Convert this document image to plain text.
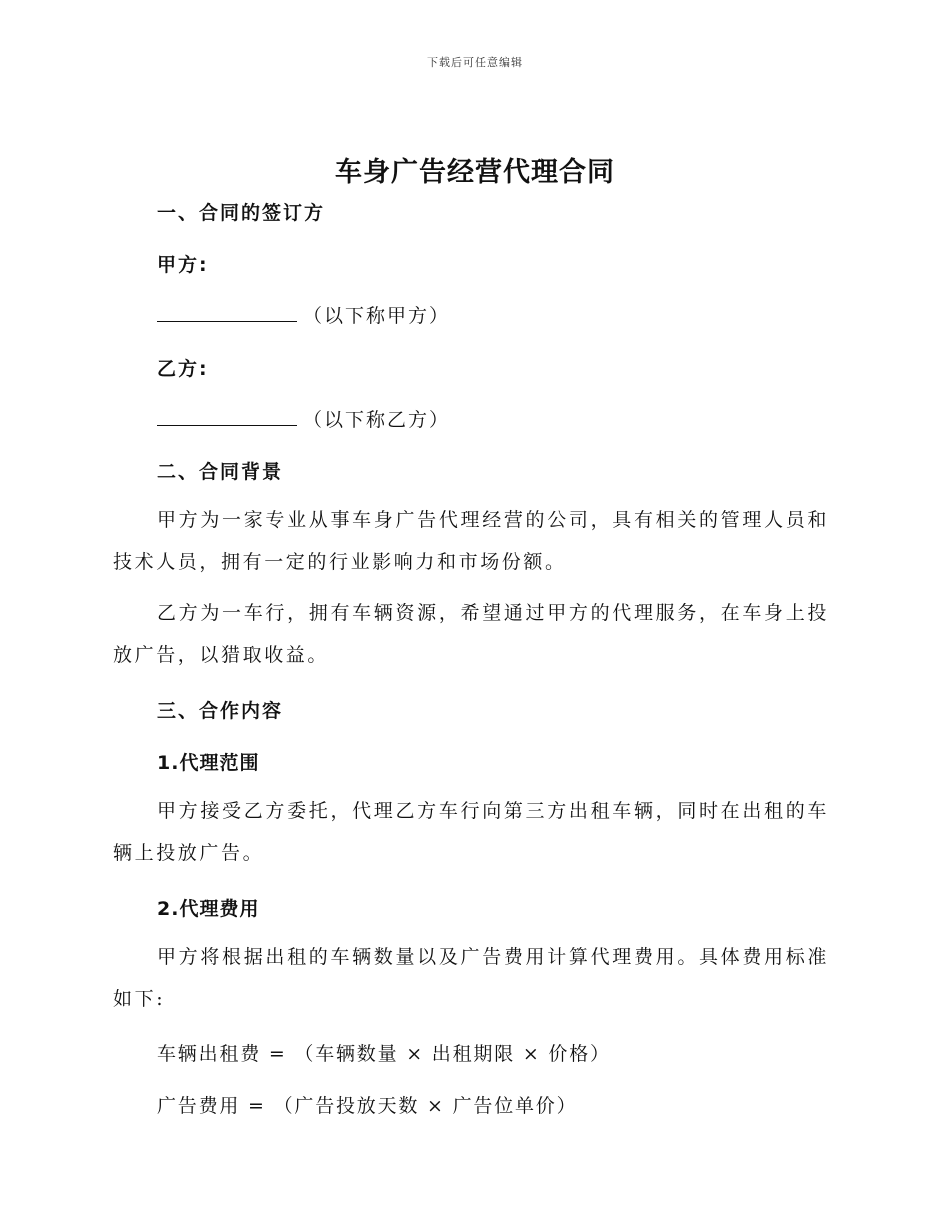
下载后可任意编辑
车身广告经营代理合同
一、合同的签订方
甲方:
（以下称甲方）
乙方:
（以下称乙方）
二、合同背景

甲方为一家专业从事车身广告代理经营的公司，具有相关的管理人员和技术人员，拥有一定的行业影响力和市场份额。

乙方为一车行，拥有车辆资源，希望通过甲方的代理服务，在车身上投放广告，以猎取收益。

三、合作内容
1.代理范围

甲方接受乙方委托，代理乙方车行向第三方出租车辆，同时在出租的车辆上投放广告。

2.代理费用

甲方将根据出租的车辆数量以及广告费用计算代理费用。具体费用标准如下:

车辆出租费 = （车辆数量 × 出租期限 × 价格）
广告费用 = （广告投放天数 × 广告位单价）
